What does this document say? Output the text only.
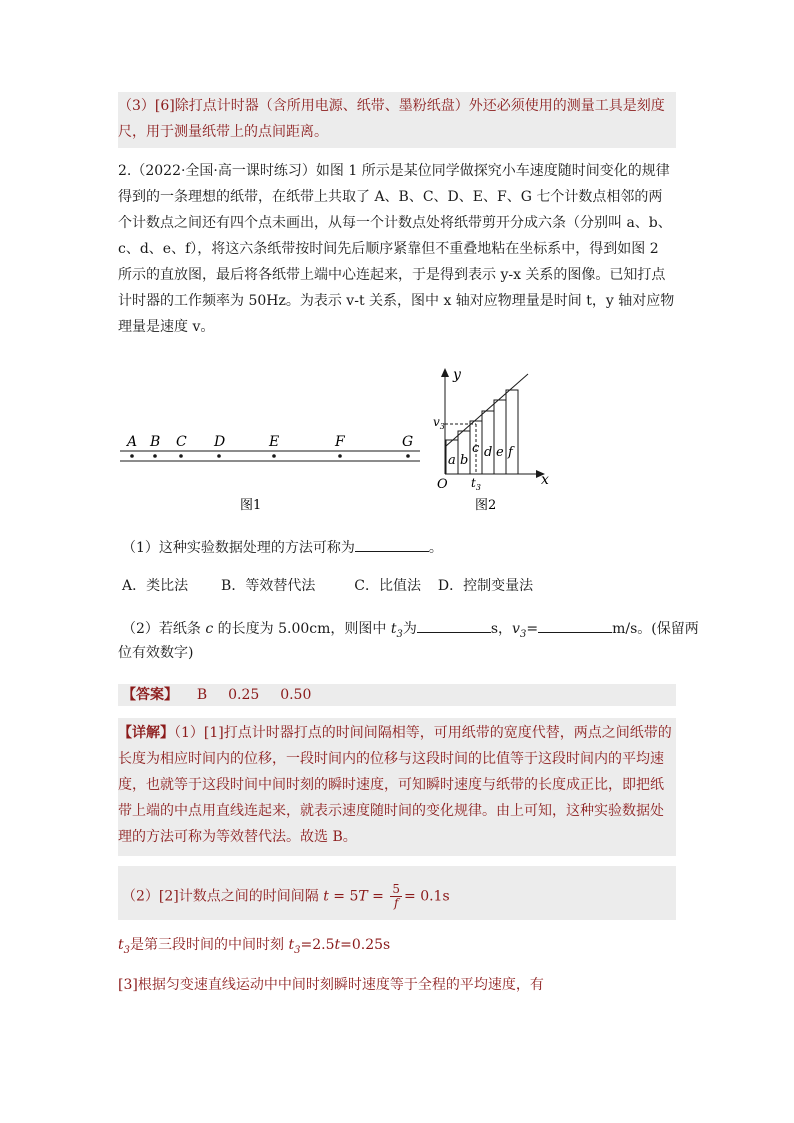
（3）[6]除打点计时器（含所用电源、纸带、墨粉纸盘）外还必须使用的测量工具是刻度尺，用于测量纸带上的点间距离。
2.（2022·全国·高一课时练习）如图 1 所示是某位同学做探究小车速度随时间变化的规律得到的一条理想的纸带，在纸带上共取了 A、B、C、D、E、F、G 七个计数点相邻的两个计数点之间还有四个点未画出，从每一个计数点处将纸带剪开分成六条（分别叫 a、b、c、d、e、f），将这六条纸带按时间先后顺序紧靠但不重叠地粘在坐标系中，得到如图 2 所示的直放图，最后将各纸带上端中心连起来，于是得到表示 y-x 关系的图像。已知打点计时器的工作频率为 50Hz。为表示 v-t 关系，图中 x 轴对应物理量是时间 t，y 轴对应物理量是速度 v。
A B C D	E	F	G
图1
y
x
O
a b
c d e f
$v_3$
$t_3$
图2
（1）这种实验数据处理的方法可称为	。
A．类比法 B．等效替代法	C．比值法 D．控制变量法
（2）若纸条 c 的长度为 5.00cm，则图中 $t_3$为	s，$v_3=$	m/s。(保留两
位有效数字)
【答案】 B 0.25 0.50
【详解】（1）[1]打点计时器打点的时间间隔相等，可用纸带的宽度代替，两点之间纸带的长度为相应时间内的位移，一段时间内的位移与这段时间的比值等于这段时间内的平均速度，也就等于这段时间中间时刻的瞬时速度，可知瞬时速度与纸带的长度成正比，即把纸带上端的中点用直线连起来，就表示速度随时间的变化规律。由上可知，这种实验数据处理的方法可称为等效替代法。故选 B。
（2）[2]计数点之间的时间间隔 $t = 5T = \frac{5}{f} = 0.1s$
$t_3$是第三段时间的中间时刻 $t_3=2.5t=0.25s$
[3]根据匀变速直线运动中中间时刻瞬时速度等于全程的平均速度，有
